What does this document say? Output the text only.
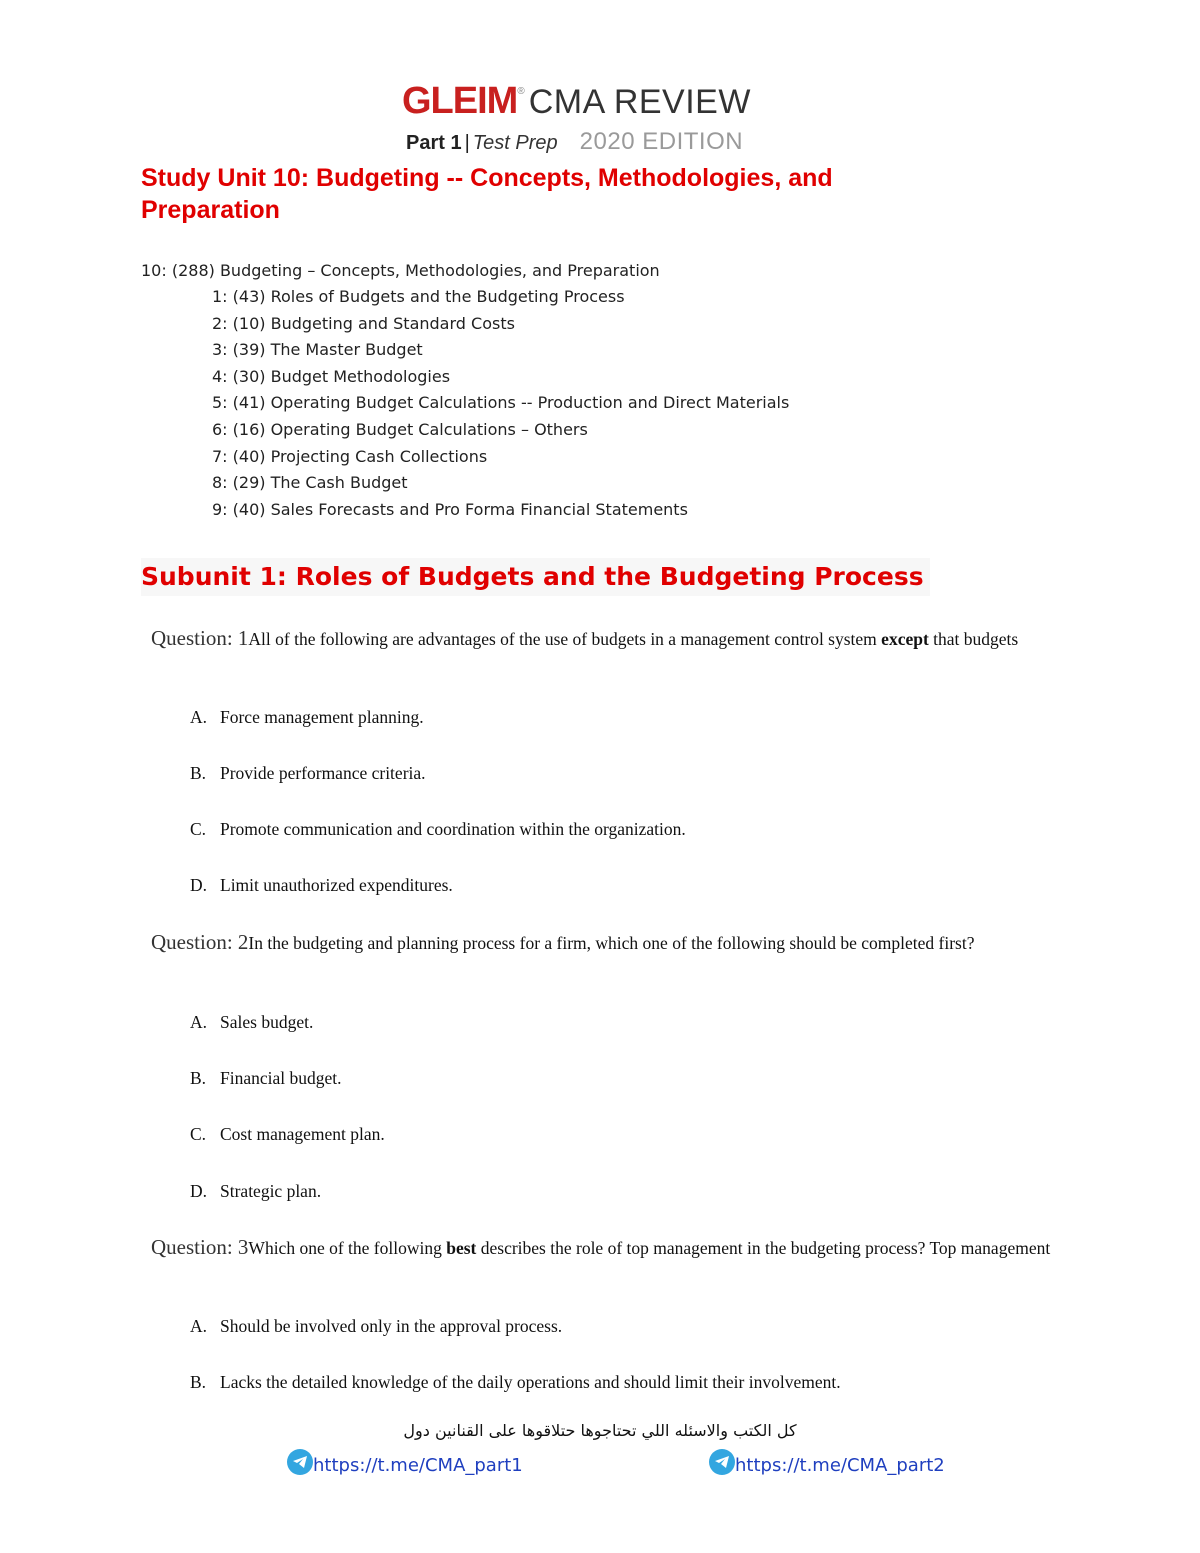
GLEIM® CMA REVIEW
Part 1 | Test Prep 2020 EDITION
Study Unit 10: Budgeting -- Concepts, Methodologies, and Preparation
10: (288) Budgeting – Concepts, Methodologies, and Preparation
1: (43) Roles of Budgets and the Budgeting Process
2: (10) Budgeting and Standard Costs
3: (39) The Master Budget
4: (30) Budget Methodologies
5: (41) Operating Budget Calculations -- Production and Direct Materials
6: (16) Operating Budget Calculations – Others
7: (40) Projecting Cash Collections
8: (29) The Cash Budget
9: (40) Sales Forecasts and Pro Forma Financial Statements
Subunit 1: Roles of Budgets and the Budgeting Process
Question: 1All of the following are advantages of the use of budgets in a management control system except that budgets
A. Force management planning.
B. Provide performance criteria.
C. Promote communication and coordination within the organization.
D. Limit unauthorized expenditures.
Question: 2In the budgeting and planning process for a firm, which one of the following should be completed first?
A. Sales budget.
B. Financial budget.
C. Cost management plan.
D. Strategic plan.
Question: 3Which one of the following best describes the role of top management in the budgeting process? Top management
A. Should be involved only in the approval process.
B. Lacks the detailed knowledge of the daily operations and should limit their involvement.
كل الكتب والاسئله اللي تحتاجوها حتلاقوها على القنانين دول
https://t.me/CMA_part1	https://t.me/CMA_part2
